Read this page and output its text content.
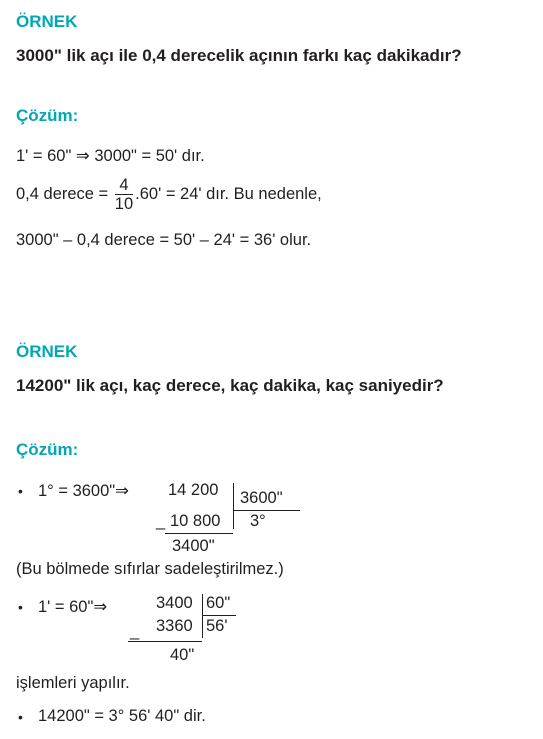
ÖRNEK
3000" lik açı ile 0,4 derecelik açının farkı kaç dakikadır?
Çözüm:
1' = 60" ⇒ 3000" = 50' dır.
0,4 derece = $\frac{4}{10} .60' = 24'$ dır. Bu nedenle,
3000" – 0,4 derece = 50' – 24' = 36' olur.
ÖRNEK
14200" lik açı, kaç derece, kaç dakika, kaç saniyedir?
Çözüm:
• 1° = 3600"⇒ 14 200 3600"
_ 10 800 3°
3400"
(Bu bölmede sıfırlar sadeleştirilmez.)
• 1' = 60"⇒	3400 60"
_ 3360 56'
40"
işlemleri yapılır.
• 14200" = 3° 56' 40" dir.
